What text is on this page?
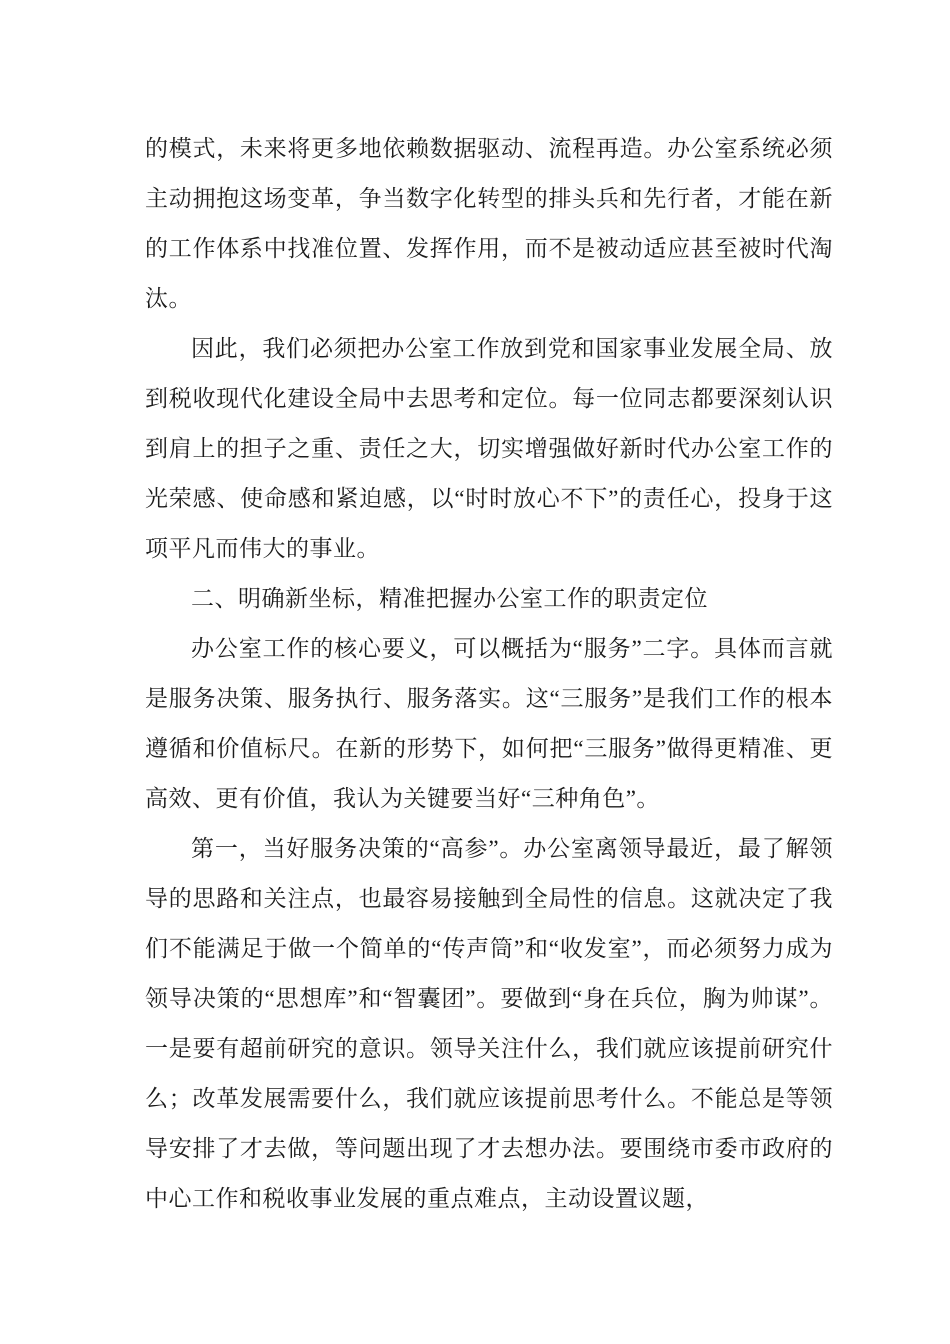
的模式，未来将更多地依赖数据驱动、流程再造。办公室系统必须主动拥抱这场变革，争当数字化转型的排头兵和先行者，才能在新的工作体系中找准位置、发挥作用，而不是被动适应甚至被时代淘汰。

因此，我们必须把办公室工作放到党和国家事业发展全局、放到税收现代化建设全局中去思考和定位。每一位同志都要深刻认识到肩上的担子之重、责任之大，切实增强做好新时代办公室工作的光荣感、使命感和紧迫感，以“时时放心不下”的责任心，投身于这项平凡而伟大的事业。

二、明确新坐标，精准把握办公室工作的职责定位

办公室工作的核心要义，可以概括为“服务”二字。具体而言就是服务决策、服务执行、服务落实。这“三服务”是我们工作的根本遵循和价值标尺。在新的形势下，如何把“三服务”做得更精准、更高效、更有价值，我认为关键要当好“三种角色”。

第一，当好服务决策的“高参”。办公室离领导最近，最了解领导的思路和关注点，也最容易接触到全局性的信息。这就决定了我们不能满足于做一个简单的“传声筒”和“收发室”，而必须努力成为领导决策的“思想库”和“智囊团”。要做到“身在兵位，胸为帅谋”。一是要有超前研究的意识。领导关注什么，我们就应该提前研究什么；改革发展需要什么，我们就应该提前思考什么。不能总是等领导安排了才去做，等问题出现了才去想办法。要围绕市委市政府的中心工作和税收事业发展的重点难点，主动设置议题，
